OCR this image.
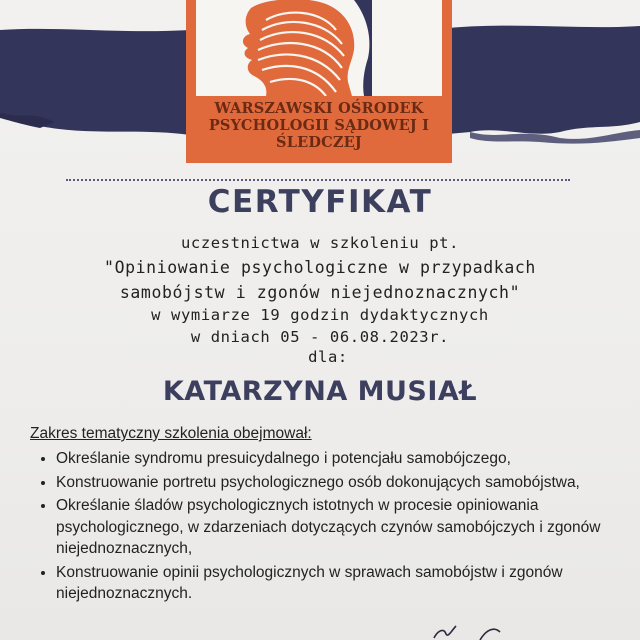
WARSZAWSKI OŚRODEK
PSYCHOLOGII SĄDOWEJ I
ŚLEDCZEJ
CERTYFIKAT
uczestnictwa w szkoleniu pt.
"Opiniowanie psychologiczne w przypadkach
samobójstw i zgonów niejednoznacznych"
w wymiarze 19 godzin dydaktycznych
w dniach 05 - 06.08.2023r.
dla:
KATARZYNA MUSIAŁ
Zakres tematyczny szkolenia obejmował:
• Określanie syndromu presuicydalnego i potencjału samobójczego,
• Konstruowanie portretu psychologicznego osób dokonujących samobójstwa,
• Określanie śladów psychologicznych istotnych w procesie opiniowania psychologicznego, w zdarzeniach dotyczących czynów samobójczych i zgonów niejednoznacznych,
• Konstruowanie opinii psychologicznych w sprawach samobójstw i zgonów niejednoznacznych.
